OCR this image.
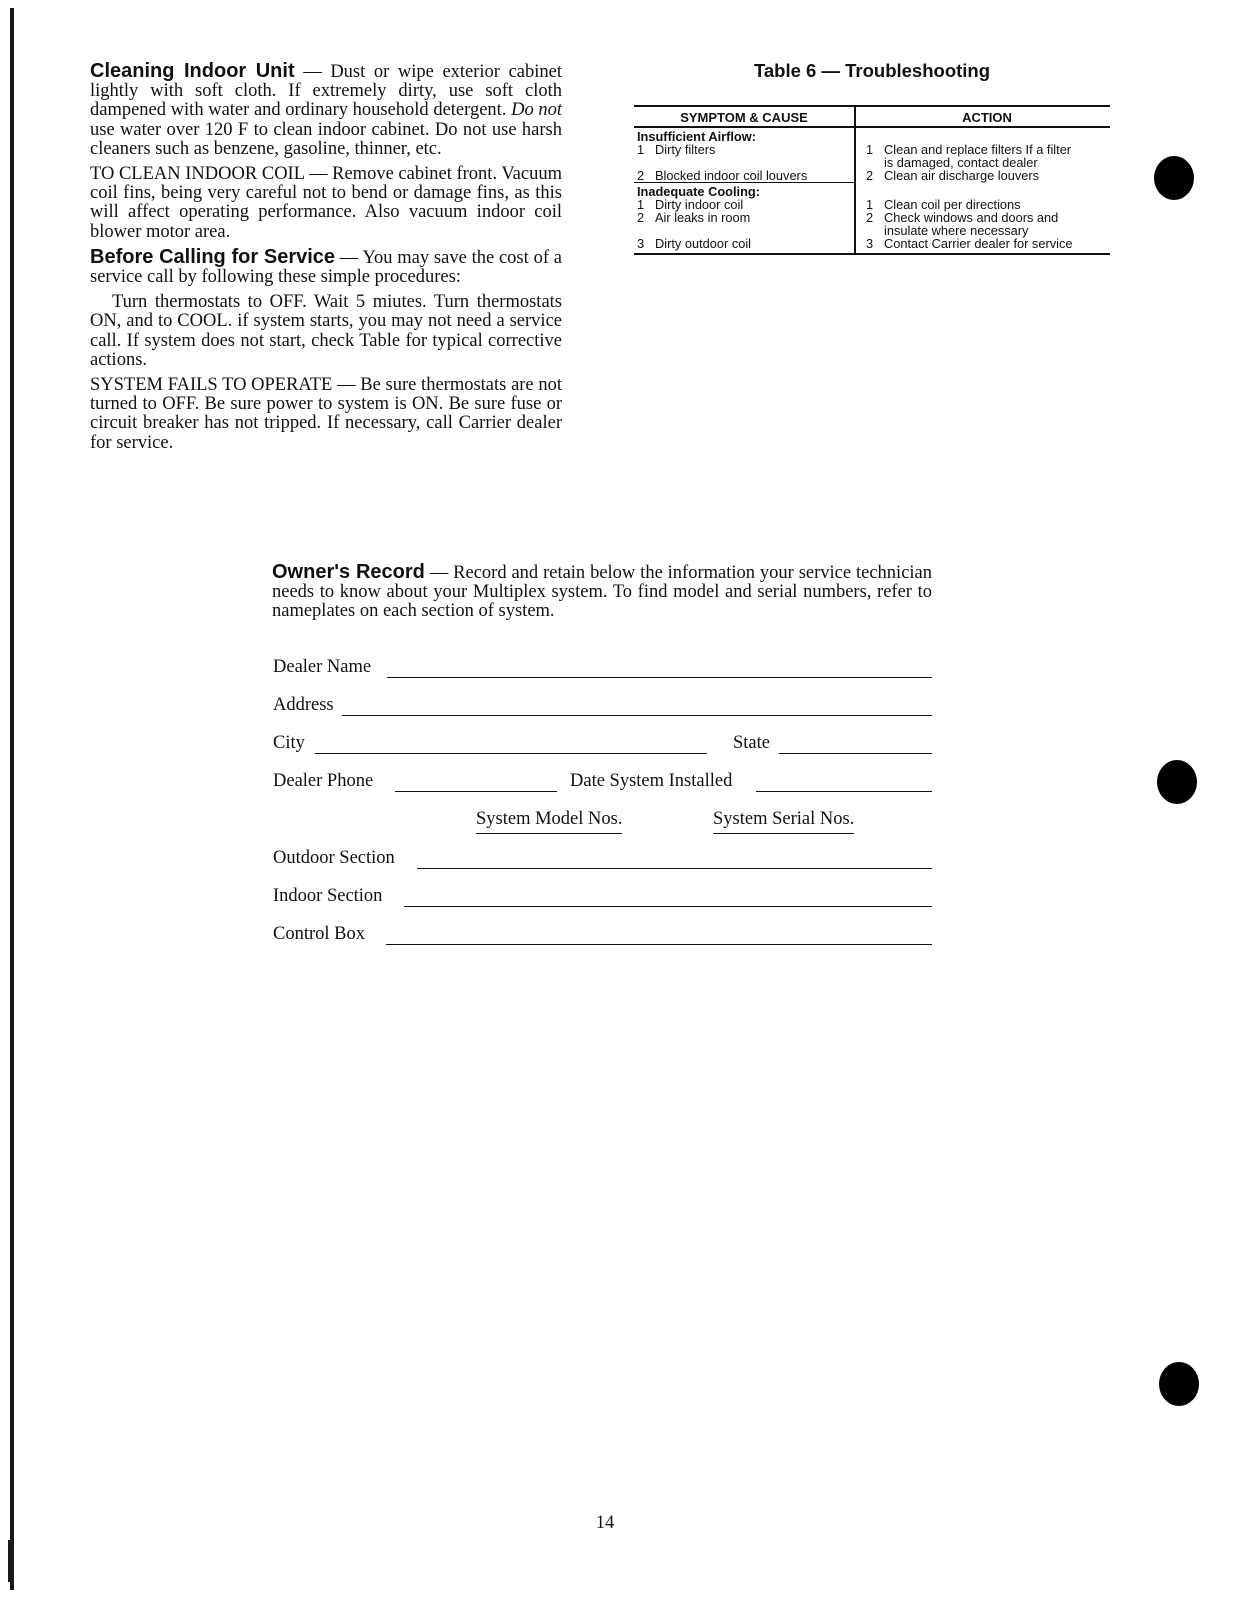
Cleaning Indoor Unit — Dust or wipe exterior cabinet lightly with soft cloth. If extremely dirty, use soft cloth dampened with water and ordinary household detergent. Do not use water over 120 F to clean indoor cabinet. Do not use harsh cleaners such as benzene, gasoline, thinner, etc.

TO CLEAN INDOOR COIL — Remove cabinet front. Vacuum coil fins, being very careful not to bend or damage fins, as this will affect operating performance. Also vacuum indoor coil blower motor area.

Before Calling for Service — You may save the cost of a service call by following these simple procedures:

Turn thermostats to OFF. Wait 5 miutes. Turn thermostats ON, and to COOL. if system starts, you may not need a service call. If system does not start, check Table for typical corrective actions.

SYSTEM FAILS TO OPERATE — Be sure thermostats are not turned to OFF. Be sure power to system is ON. Be sure fuse or circuit breaker has not tripped. If necessary, call Carrier dealer for service.

Table 6 — Troubleshooting
SYMPTOM & CAUSE	ACTION
Insufficient Airflow:	
1 Dirty filters	1 Clean and replace filters If a filter
	is damaged, contact dealer
2 Blocked indoor coil louvers	2 Clean air discharge louvers
Inadequate Cooling:	
1 Dirty indoor coil	1 Clean coil per directions
2 Air leaks in room	2 Check windows and doors and
	insulate where necessary
3 Dirty outdoor coil	3 Contact Carrier dealer for service
Owner's Record — Record and retain below the information your service technician needs to know about your Multiplex system. To find model and serial numbers, refer to nameplates on each section of system.
Dealer Name
Address
City	State
Dealer Phone	Date System Installed
System Model Nos.	System Serial Nos.
Outdoor Section
Indoor Section
Control Box
14
